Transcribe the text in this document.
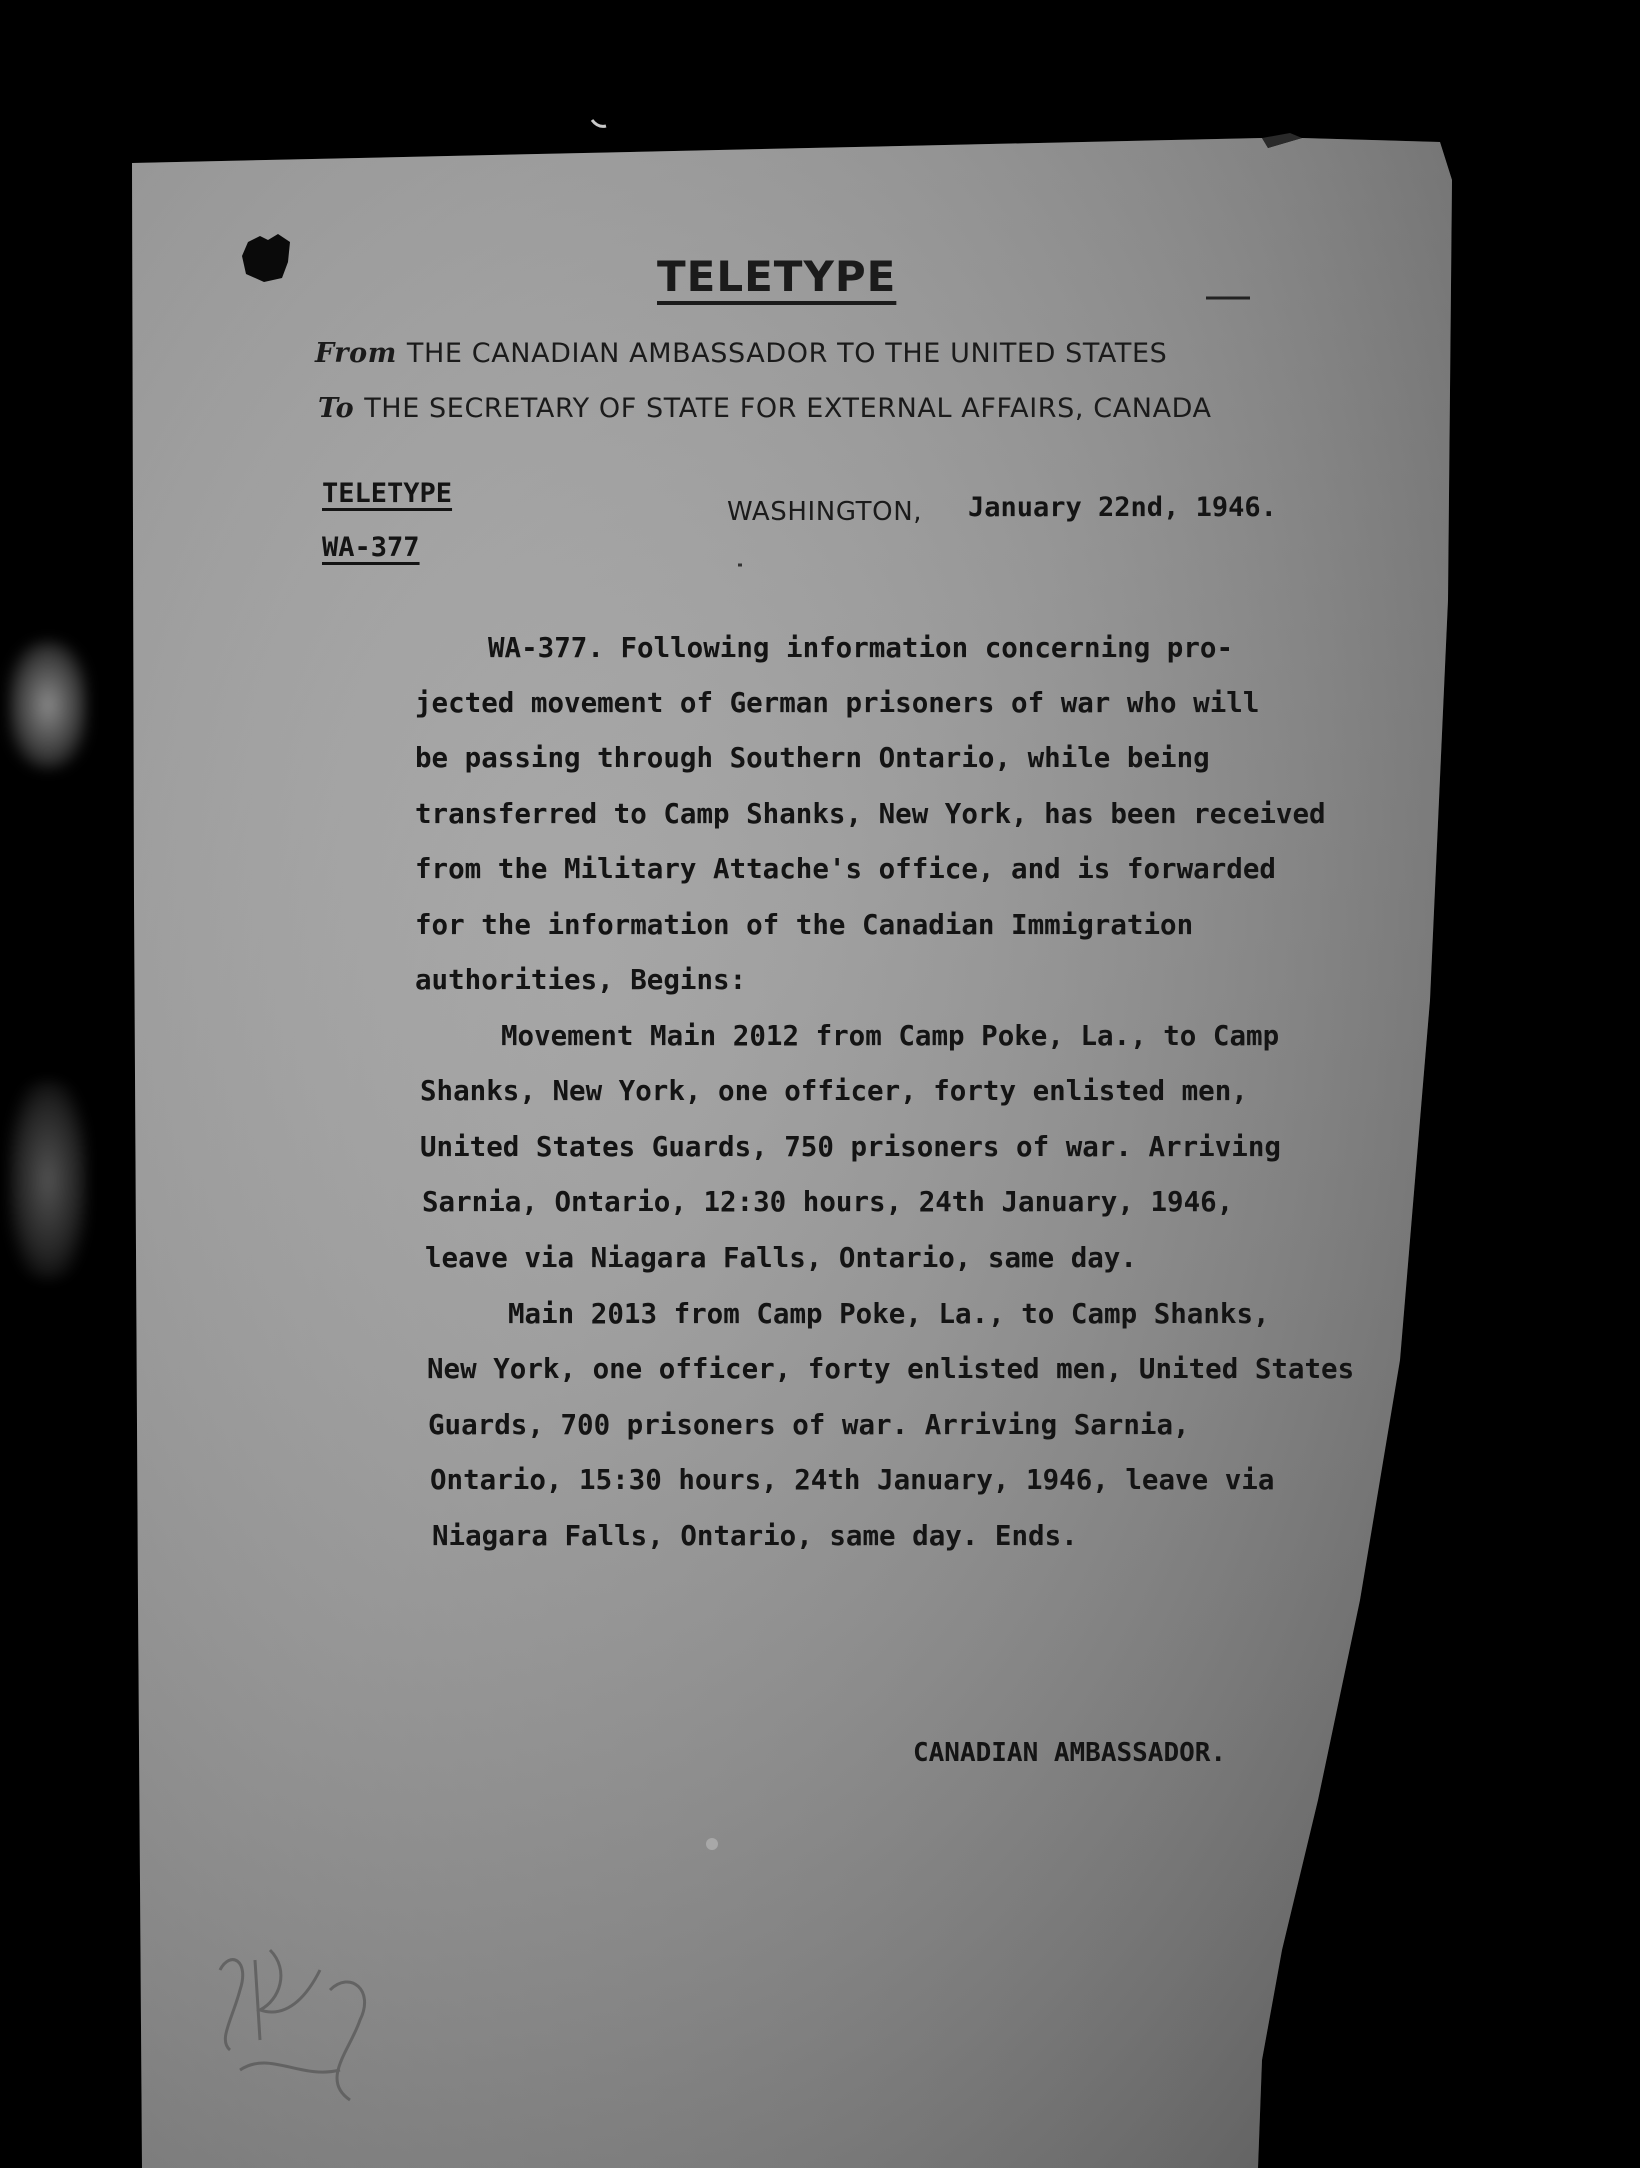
TELETYPE
From THE CANADIAN AMBASSADOR TO THE UNITED STATES
To THE SECRETARY OF STATE FOR EXTERNAL AFFAIRS, CANADA
TELETYPE
WA-377
WASHINGTON, January 22nd, 1946.
WA-377. Following information concerning pro-
jected movement of German prisoners of war who will
be passing through Southern Ontario, while being
transferred to Camp Shanks, New York, has been received
from the Military Attache's office, and is forwarded
for the information of the Canadian Immigration
authorities, Begins:
Movement Main 2012 from Camp Poke, La., to Camp
Shanks, New York, one officer, forty enlisted men,
United States Guards, 750 prisoners of war. Arriving
Sarnia, Ontario, 12:30 hours, 24th January, 1946,
leave via Niagara Falls, Ontario, same day.
Main 2013 from Camp Poke, La., to Camp Shanks,
New York, one officer, forty enlisted men, United States
Guards, 700 prisoners of war. Arriving Sarnia,
Ontario, 15:30 hours, 24th January, 1946, leave via
Niagara Falls, Ontario, same day. Ends.
CANADIAN AMBASSADOR.
